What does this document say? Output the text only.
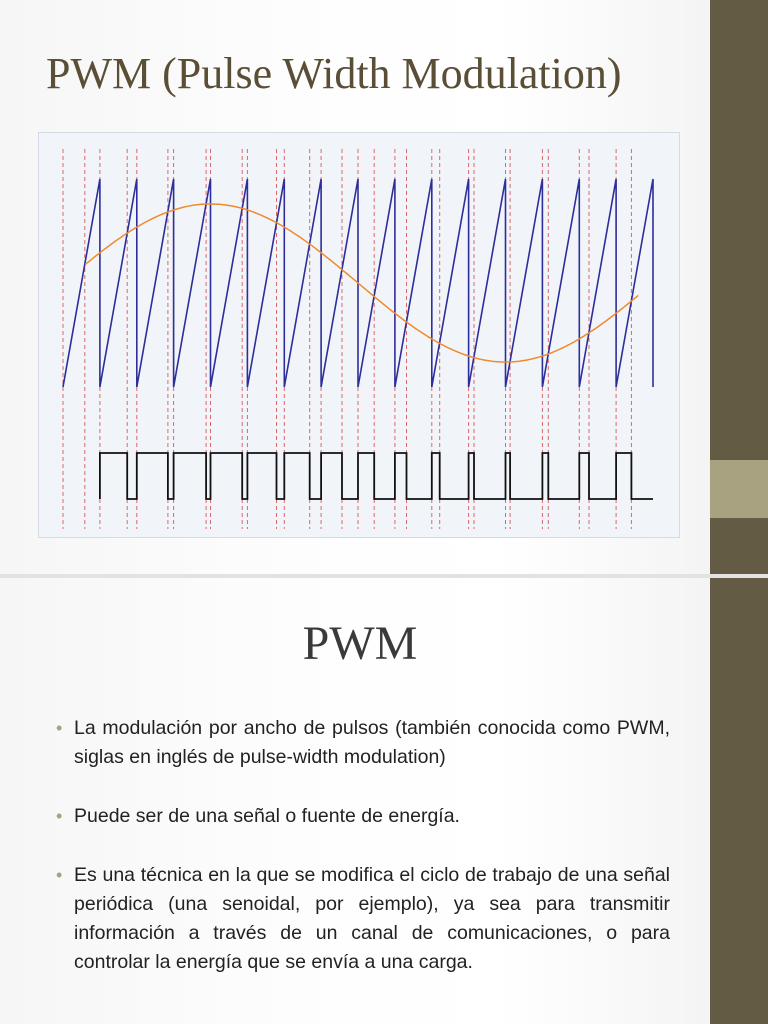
PWM (Pulse Width Modulation)
PWM
• La modulación por ancho de pulsos (también conocida como PWM, siglas en inglés de pulse-width modulation)
• Puede ser de una señal o fuente de energía.
• Es una técnica en la que se modifica el ciclo de trabajo de una señal periódica (una senoidal, por ejemplo), ya sea para transmitir información a través de un canal de comunicaciones, o para controlar la energía que se envía a una carga.
